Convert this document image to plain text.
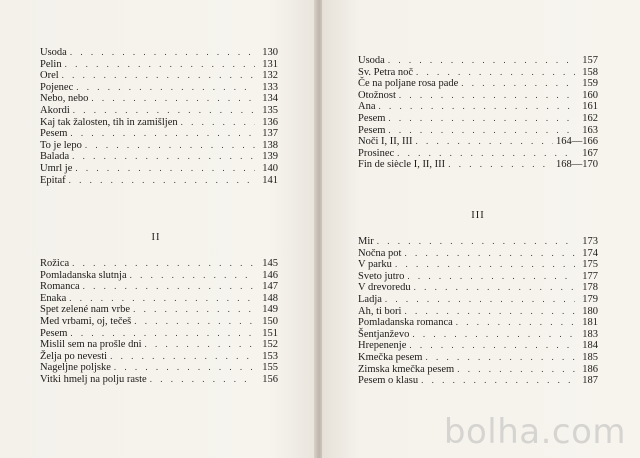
Usoda . . .	130
Pelin . . .	131
Orel . . .	132
Pojenec . . .	133
Nebo, nebo . . .	134
Akordi . . .	135
Kaj tak žalosten, tih in zamišljen . . .	136
Pesem . . .	137
To je lepo . . .	138
Balada . . .	139
Umrl je . . .	140
Epitaf . . .	141
II
Rožica . . .	145
Pomladanska slutnja . . .	146
Romanca . . .	147
Enaka . . .	148
Spet zelené nam vrbe . . .	149
Med vrbami, oj, tečeš . . .	150
Pesem . . .	151
Mislil sem na prošle dni . . .	152
Želja po nevesti . . .	153
Nageljne poljske . . .	155
Vitki hmelj na polju raste . . .	156
Usoda . . .	157
Sv. Petra noč . . .	158
Če na poljane rosa pade . . .	159
Otožnost . . .	160
Ana . . .	161
Pesem . . .	162
Pesem . . .	163
Noči I, II, III . . .	164—166
Prosinec . . .	167
Fin de siècle I, II, III . . .	168—170
III
Mir . . .	173
Nočna pot . . .	174
V parku . . .	175
Sveto jutro . . .	177
V drevoredu . . .	178
Ladja . . .	179
Ah, ti bori . . .	180
Pomladanska romanca . . .	181
Šentjanževo . . .	183
Hrepenenje . . .	184
Kmečka pesem . . .	185
Zimska kmečka pesem . . .	186
Pesem o klasu . . .	187
bolha.com
